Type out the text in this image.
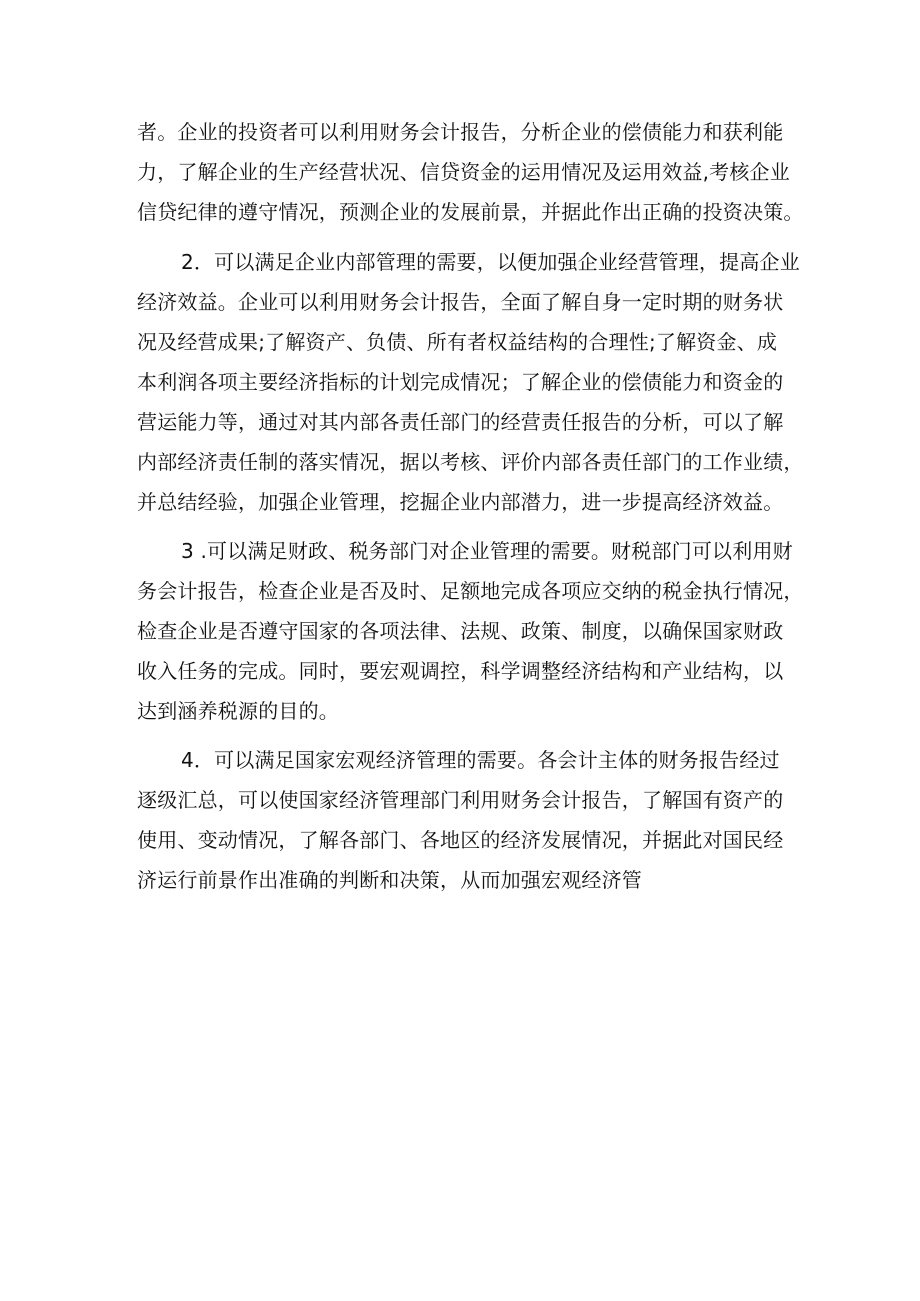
者。企业的投资者可以利用财务会计报告，分析企业的偿债能力和获利能
力，了解企业的生产经营状况、信贷资金的运用情况及运用效益,考核企业
信贷纪律的遵守情况，预测企业的发展前景，并据此作出正确的投资决策。
2．可以满足企业内部管理的需要，以便加强企业经营管理，提高企业
经济效益。企业可以利用财务会计报告，全面了解自身一定时期的财务状
况及经营成果;了解资产、负债、所有者权益结构的合理性;了解资金、成
本利润各项主要经济指标的计划完成情况；了解企业的偿债能力和资金的
营运能力等，通过对其内部各责任部门的经营责任报告的分析，可以了解
内部经济责任制的落实情况，据以考核、评价内部各责任部门的工作业绩，
并总结经验，加强企业管理，挖掘企业内部潜力，进一步提高经济效益。
3 .可以满足财政、税务部门对企业管理的需要。财税部门可以利用财
务会计报告，检查企业是否及时、足额地完成各项应交纳的税金执行情况，
检查企业是否遵守国家的各项法律、法规、政策、制度，以确保国家财政
收入任务的完成。同时，要宏观调控，科学调整经济结构和产业结构，以
达到涵养税源的目的。
4．可以满足国家宏观经济管理的需要。各会计主体的财务报告经过
逐级汇总，可以使国家经济管理部门利用财务会计报告，了解国有资产的
使用、变动情况，了解各部门、各地区的经济发展情况，并据此对国民经
济运行前景作出准确的判断和决策，从而加强宏观经济管
